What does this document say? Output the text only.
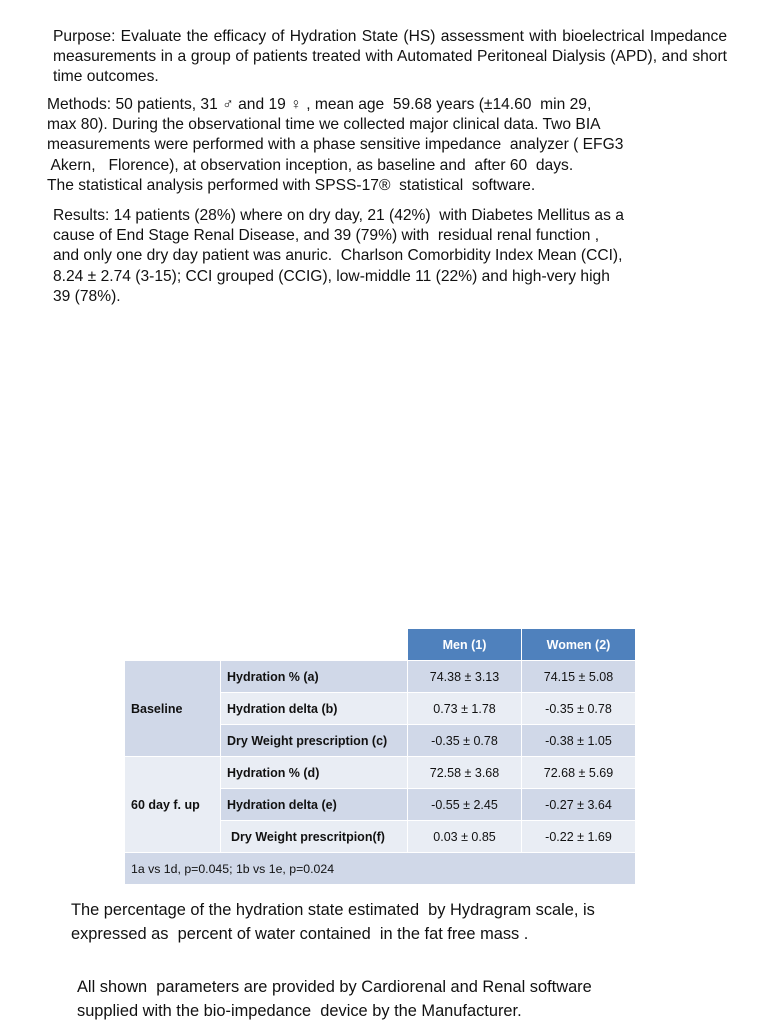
Purpose: Evaluate the efficacy of Hydration State (HS) assessment with bioelectrical Impedance measurements in a group of patients treated with Automated Peritoneal Dialysis (APD), and short time outcomes.

Methods: 50 patients, 31 ♂ and 19 ♀ , mean age  59.68 years (±14.60  min 29,
max 80). During the observational time we collected major clinical data. Two BIA
measurements were performed with a phase sensitive impedance  analyzer ( EFG3
Akern,   Florence), at observation inception, as baseline and  after 60  days.
The statistical analysis performed with SPSS-17®  statistical  software.

Results: 14 patients (28%) where on dry day, 21 (42%)  with Diabetes Mellitus as a
cause of End Stage Renal Disease, and 39 (79%) with  residual renal function ,
and only one dry day patient was anuric.  Charlson Comorbidity Index Mean (CCI),
8.24 ± 2.74 (3-15); CCI grouped (CCIG), low-middle 11 (22%) and high-very high
39 (78%).

		Men (1)	Women (2)
Baseline	Hydration % (a)	74.38 ± 3.13	74.15 ± 5.08
	Hydration delta (b)	0.73 ± 1.78	-0.35 ± 0.78
	Dry Weight prescription (c)	-0.35 ± 0.78	-0.38 ± 1.05
60 day f. up	Hydration % (d)	72.58 ± 3.68	72.68 ± 5.69
	Hydration delta (e)	-0.55 ± 2.45	-0.27 ± 3.64
	Dry Weight prescritpion(f)	0.03 ± 0.85	-0.22 ± 1.69
1a vs 1d, p=0.045; 1b vs 1e, p=0.024			

The percentage of the hydration state estimated  by Hydragram scale, is
expressed as  percent of water contained  in the fat free mass .

All shown  parameters are provided by Cardiorenal and Renal software
supplied with the bio-impedance  device by the Manufacturer.
